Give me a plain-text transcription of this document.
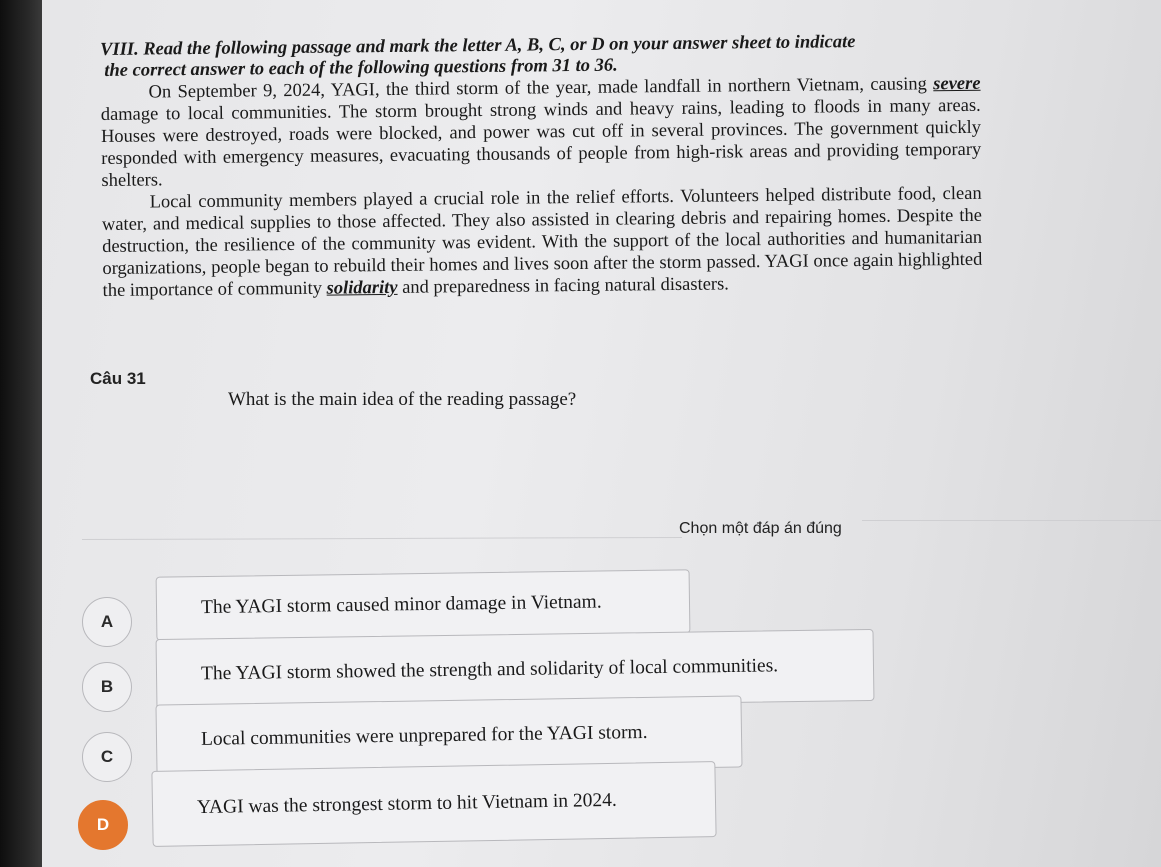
VIII. Read the following passage and mark the letter A, B, C, or D on your answer sheet to indicate
the correct answer to each of the following questions from 31 to 36.

On September 9, 2024, YAGI, the third storm of the year, made landfall in northern Vietnam, causing severe damage to local communities. The storm brought strong winds and heavy rains, leading to floods in many areas. Houses were destroyed, roads were blocked, and power was cut off in several provinces. The government quickly responded with emergency measures, evacuating thousands of people from high-risk areas and providing temporary shelters.

Local community members played a crucial role in the relief efforts. Volunteers helped distribute food, clean water, and medical supplies to those affected. They also assisted in clearing debris and repairing homes. Despite the destruction, the resilience of the community was evident. With the support of the local authorities and humanitarian organizations, people began to rebuild their homes and lives soon after the storm passed. YAGI once again highlighted the importance of community solidarity and preparedness in facing natural disasters.

Câu 31
What is the main idea of the reading passage?
Chọn một đáp án đúng
A
The YAGI storm caused minor damage in Vietnam.
B
The YAGI storm showed the strength and solidarity of local communities.
C
Local communities were unprepared for the YAGI storm.
D
YAGI was the strongest storm to hit Vietnam in 2024.
